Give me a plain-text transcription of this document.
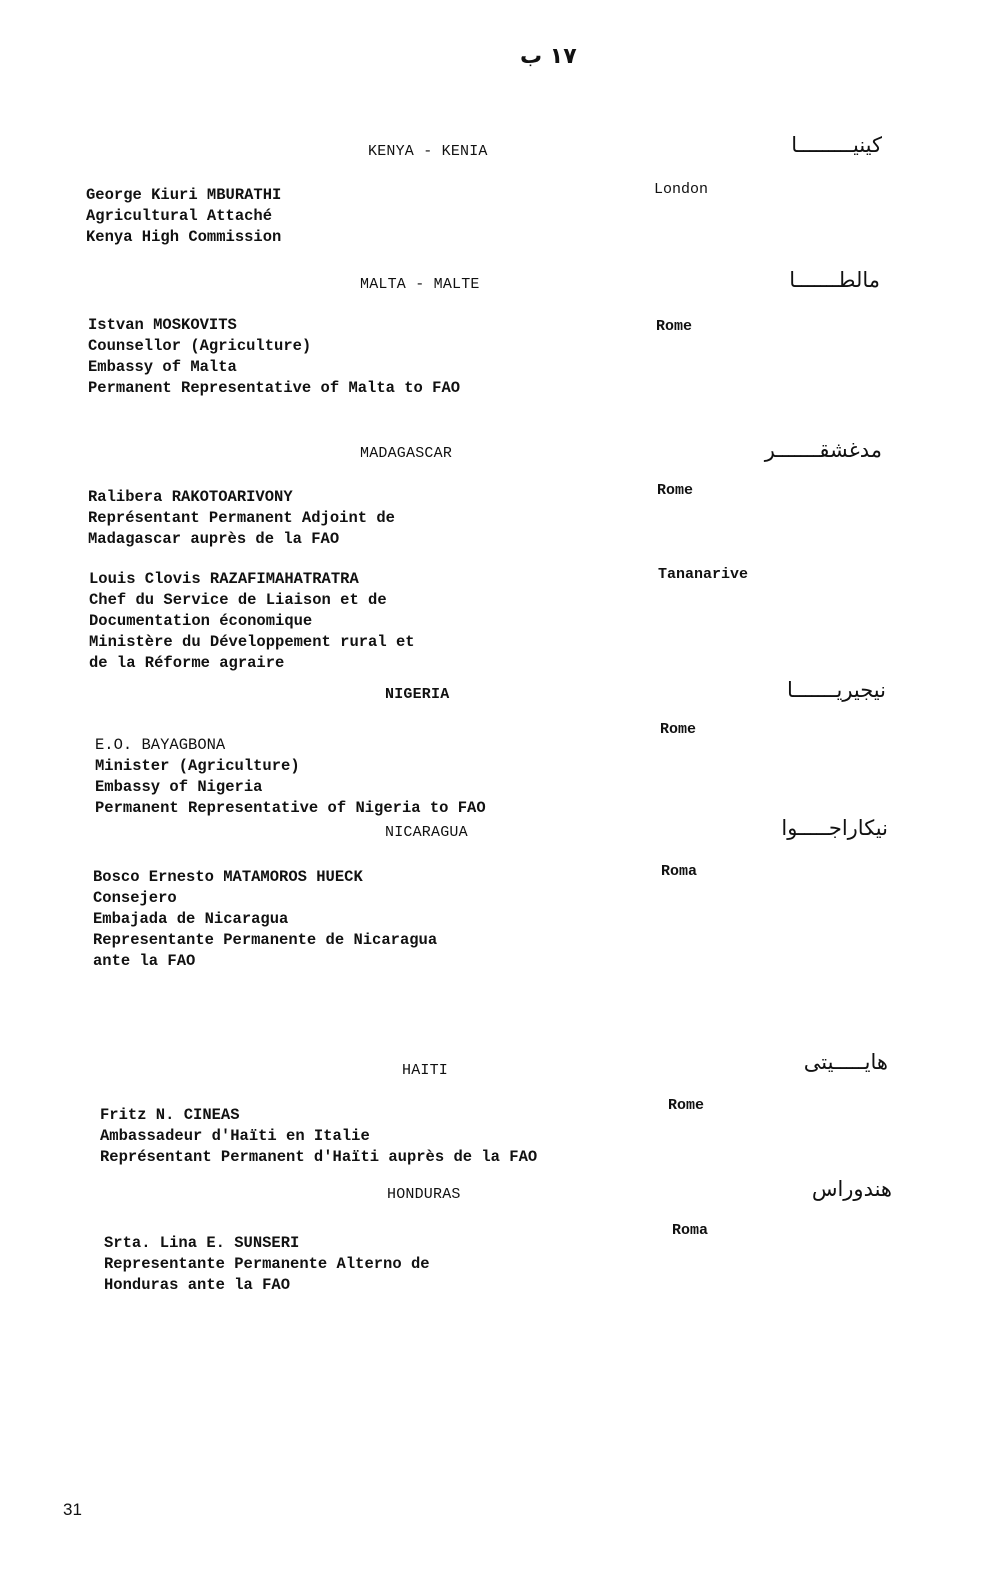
١٧ ب
KENYA - KENIA	كينيـــــــــا
George Kiuri MBURATHI
Agricultural Attaché
Kenya High Commission
London
MALTA - MALTE	مالطـــــــا
Istvan MOSKOVITS
Counsellor (Agriculture)
Embassy of Malta
Permanent Representative of Malta to FAO
Rome
MADAGASCAR	مدغشقـــــــر
Ralibera RAKOTOARIVONY
Représentant Permanent Adjoint de
Madagascar auprès de la FAO
Rome
Louis Clovis RAZAFIMAHATRATRA
Chef du Service de Liaison et de
Documentation économique
Ministère du Développement rural et
de la Réforme agraire
Tananarive
NIGERIA	نيجيريـــــــا
E.O. BAYAGBONA
Minister (Agriculture)
Embassy of Nigeria
Permanent Representative of Nigeria to FAO
Rome
NICARAGUA	نيكاراجـــــوا
Bosco Ernesto MATAMOROS HUECK
Consejero
Embajada de Nicaragua
Representante Permanente de Nicaragua
ante la FAO
Roma
HAITI	هايـــــيتى
Fritz N. CINEAS
Ambassadeur d'Haïti en Italie
Représentant Permanent d'Haïti auprès de la FAO
Rome
HONDURAS	هندوراس
Srta. Lina E. SUNSERI
Representante Permanente Alterno de
Honduras ante la FAO
Roma
31
